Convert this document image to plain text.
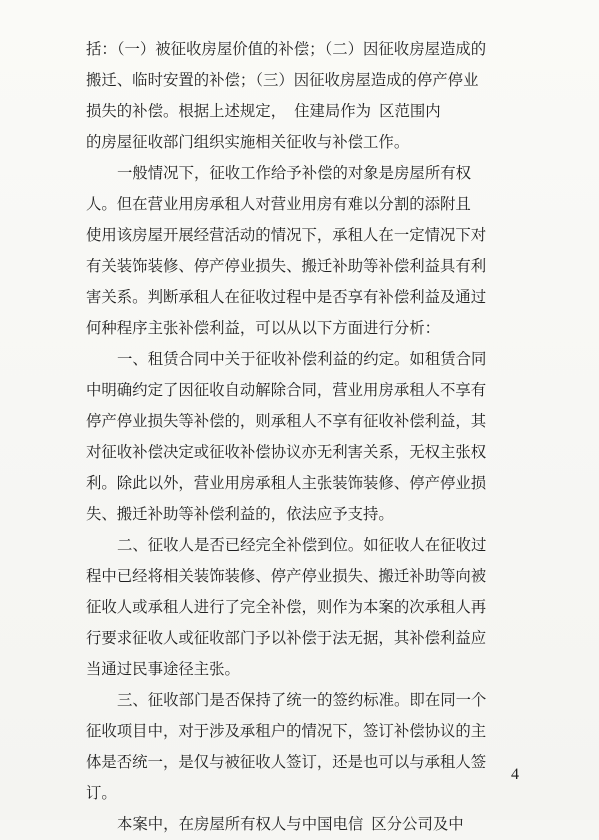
括：（一）被征收房屋价值的补偿；（二）因征收房屋造成的
搬迁、临时安置的补偿；（三）因征收房屋造成的停产停业
损失的补偿。根据上述规定， 住建局作为 区范围内
的房屋征收部门组织实施相关征收与补偿工作。
一般情况下，征收工作给予补偿的对象是房屋所有权
人。但在营业用房承租人对营业用房有难以分割的添附且
使用该房屋开展经营活动的情况下，承租人在一定情况下对
有关装饰装修、停产停业损失、搬迁补助等补偿利益具有利
害关系。判断承租人在征收过程中是否享有补偿利益及通过
何种程序主张补偿利益，可以从以下方面进行分析：
一、租赁合同中关于征收补偿利益的约定。如租赁合同
中明确约定了因征收自动解除合同，营业用房承租人不享有
停产停业损失等补偿的，则承租人不享有征收补偿利益，其
对征收补偿决定或征收补偿协议亦无利害关系，无权主张权
利。除此以外，营业用房承租人主张装饰装修、停产停业损
失、搬迁补助等补偿利益的，依法应予支持。
二、征收人是否已经完全补偿到位。如征收人在征收过
程中已经将相关装饰装修、停产停业损失、搬迁补助等向被
征收人或承租人进行了完全补偿，则作为本案的次承租人再
行要求征收人或征收部门予以补偿于法无据，其补偿利益应
当通过民事途径主张。
三、征收部门是否保持了统一的签约标准。即在同一个
征收项目中，对于涉及承租户的情况下，签订补偿协议的主
体是否统一，是仅与被征收人签订，还是也可以与承租人签
订。
本案中，在房屋所有权人与中国电信 区分公司及中
4
